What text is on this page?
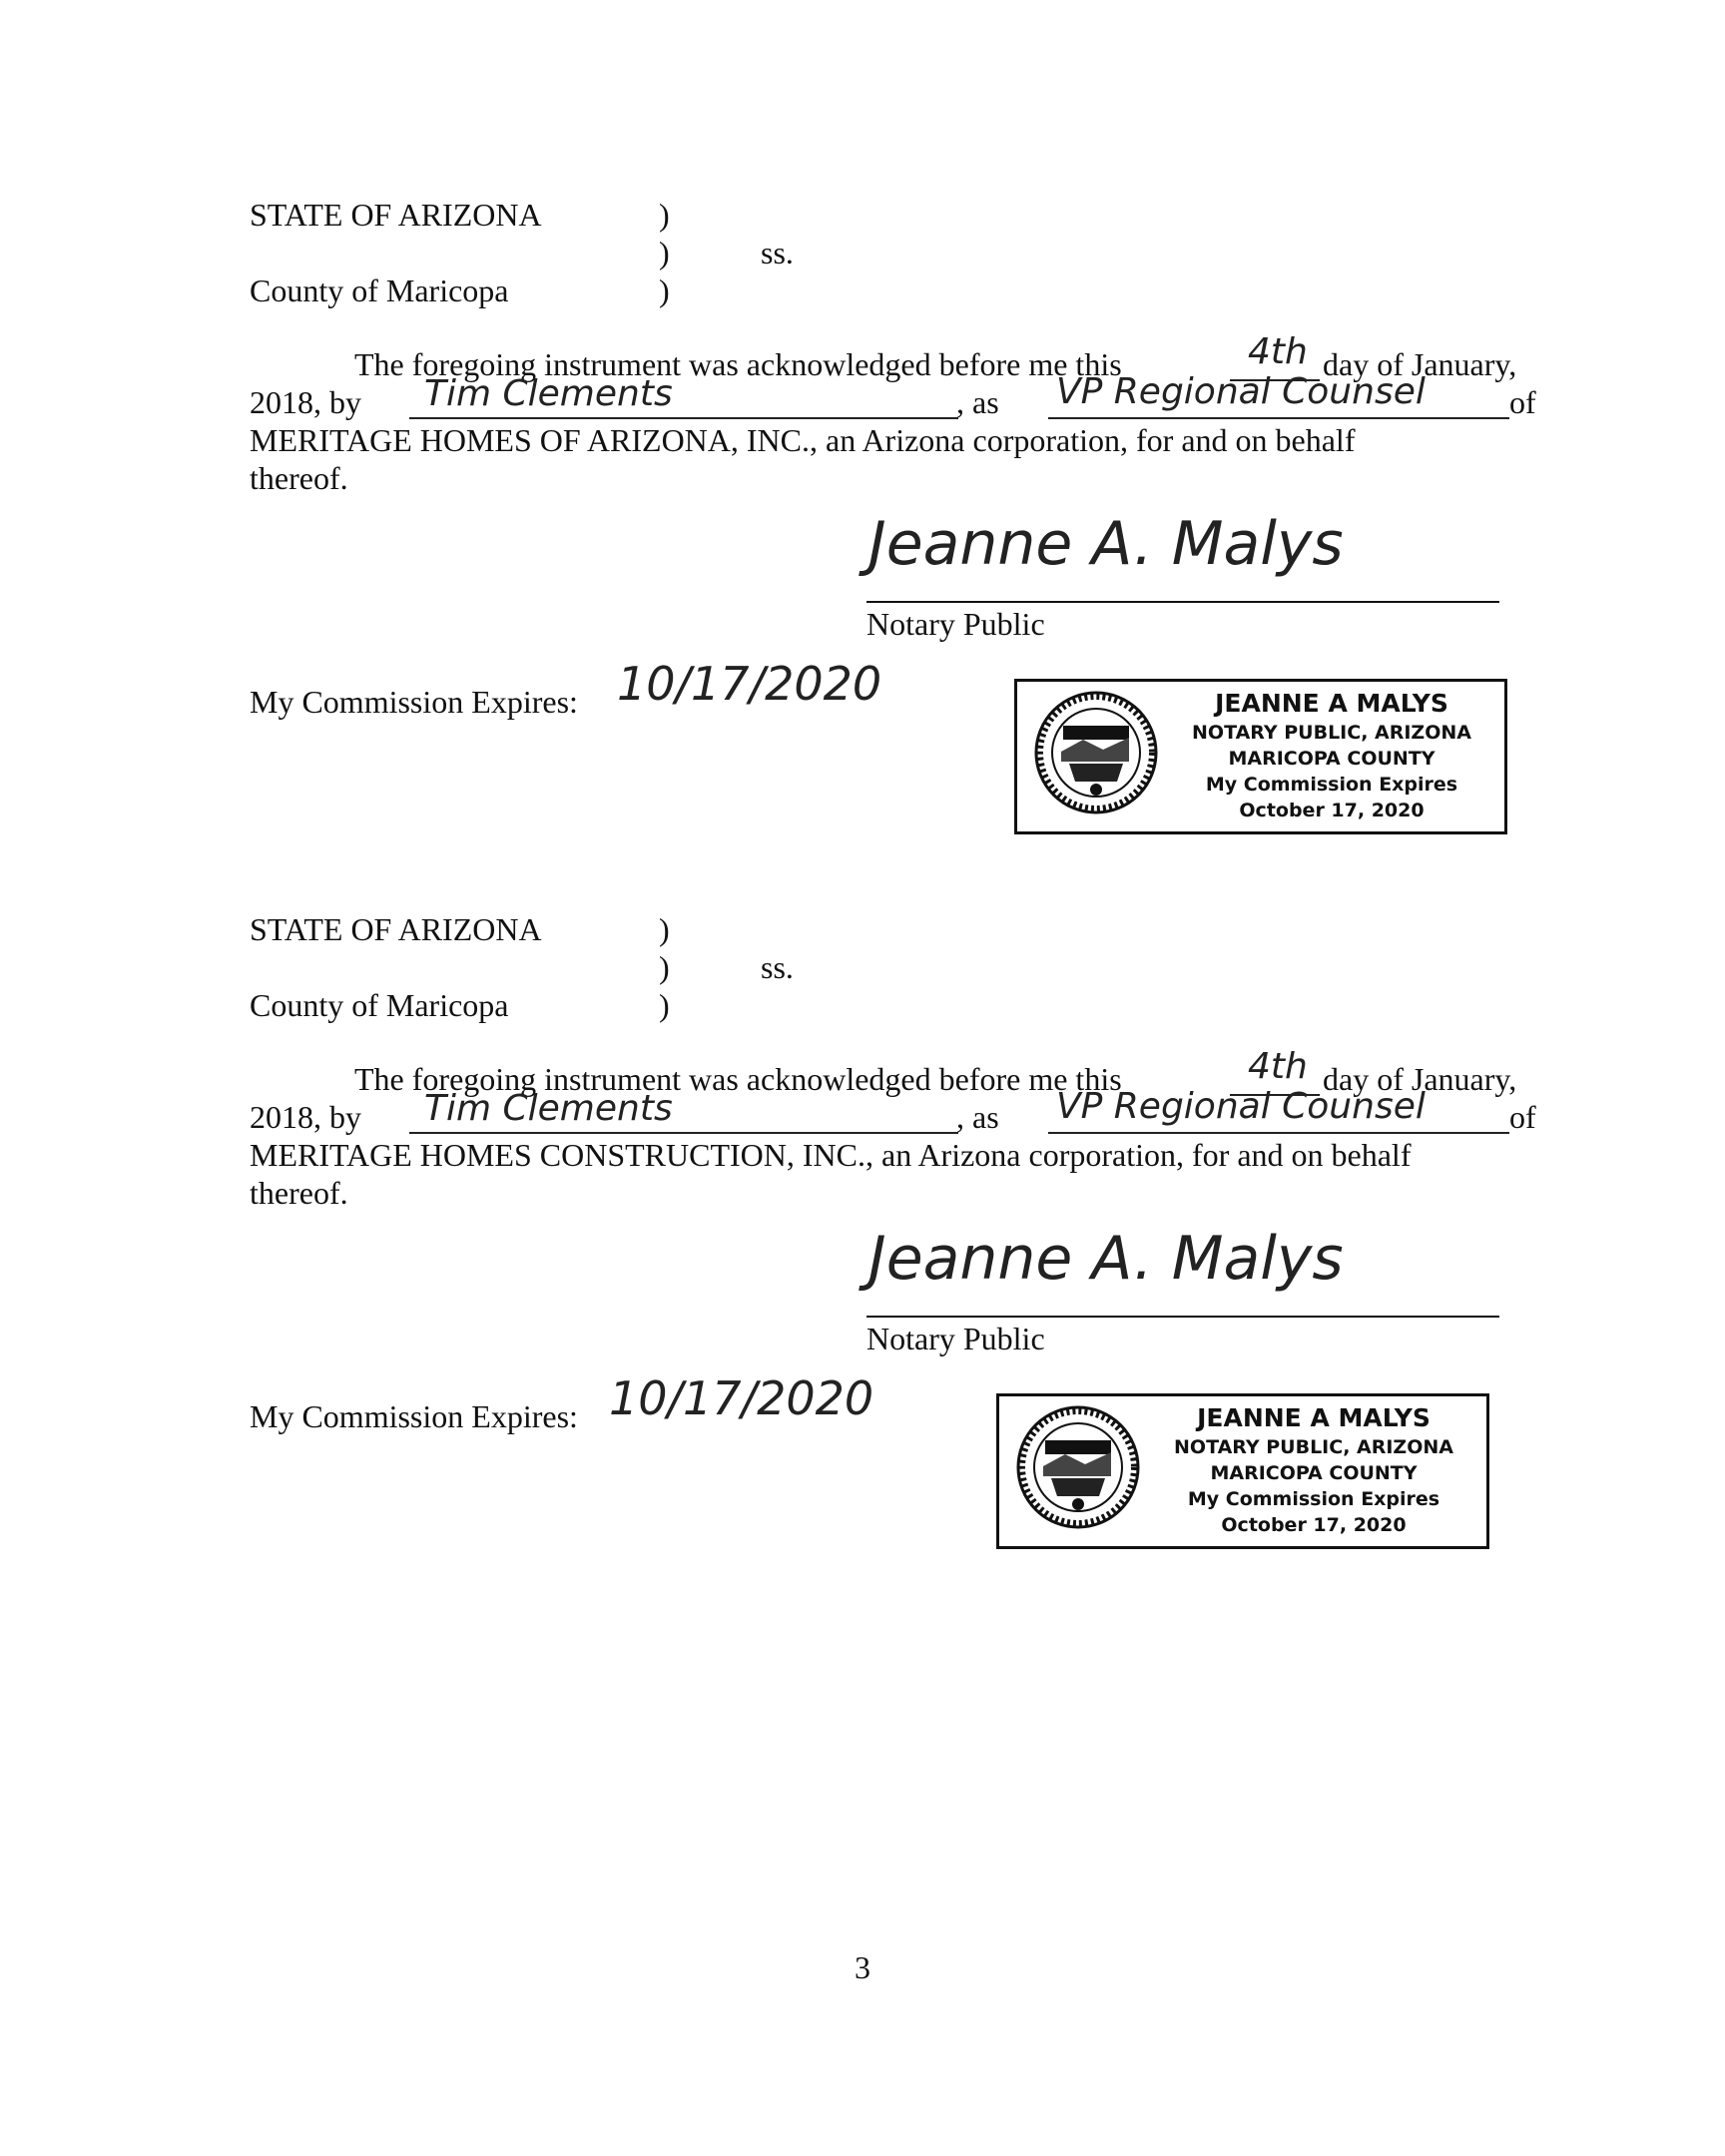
STATE OF ARIZONA	)
)	ss.
County of Maricopa	)
The foregoing instrument was acknowledged before me this	4th day of January,
2018, by Tim Clements	, as VP Regional Counsel	of
MERITAGE HOMES OF ARIZONA, INC., an Arizona corporation, for and on behalf
thereof.
Jeanne A. Malys
Notary Public
My Commission Expires: 10/17/2020	JEANNE A MALYS
NOTARY PUBLIC, ARIZONA
MARICOPA COUNTY
My Commission Expires
October 17, 2020
STATE OF ARIZONA	)
)	ss.
County of Maricopa	)
The foregoing instrument was acknowledged before me this	4th day of January,
2018, by Tim Clements	, as VP Regional Counsel	of
MERITAGE HOMES CONSTRUCTION, INC., an Arizona corporation, for and on behalf
thereof.
Jeanne A. Malys
Notary Public
My Commission Expires: 10/17/2020	JEANNE A MALYS
NOTARY PUBLIC, ARIZONA
MARICOPA COUNTY
My Commission Expires
October 17, 2020
3
